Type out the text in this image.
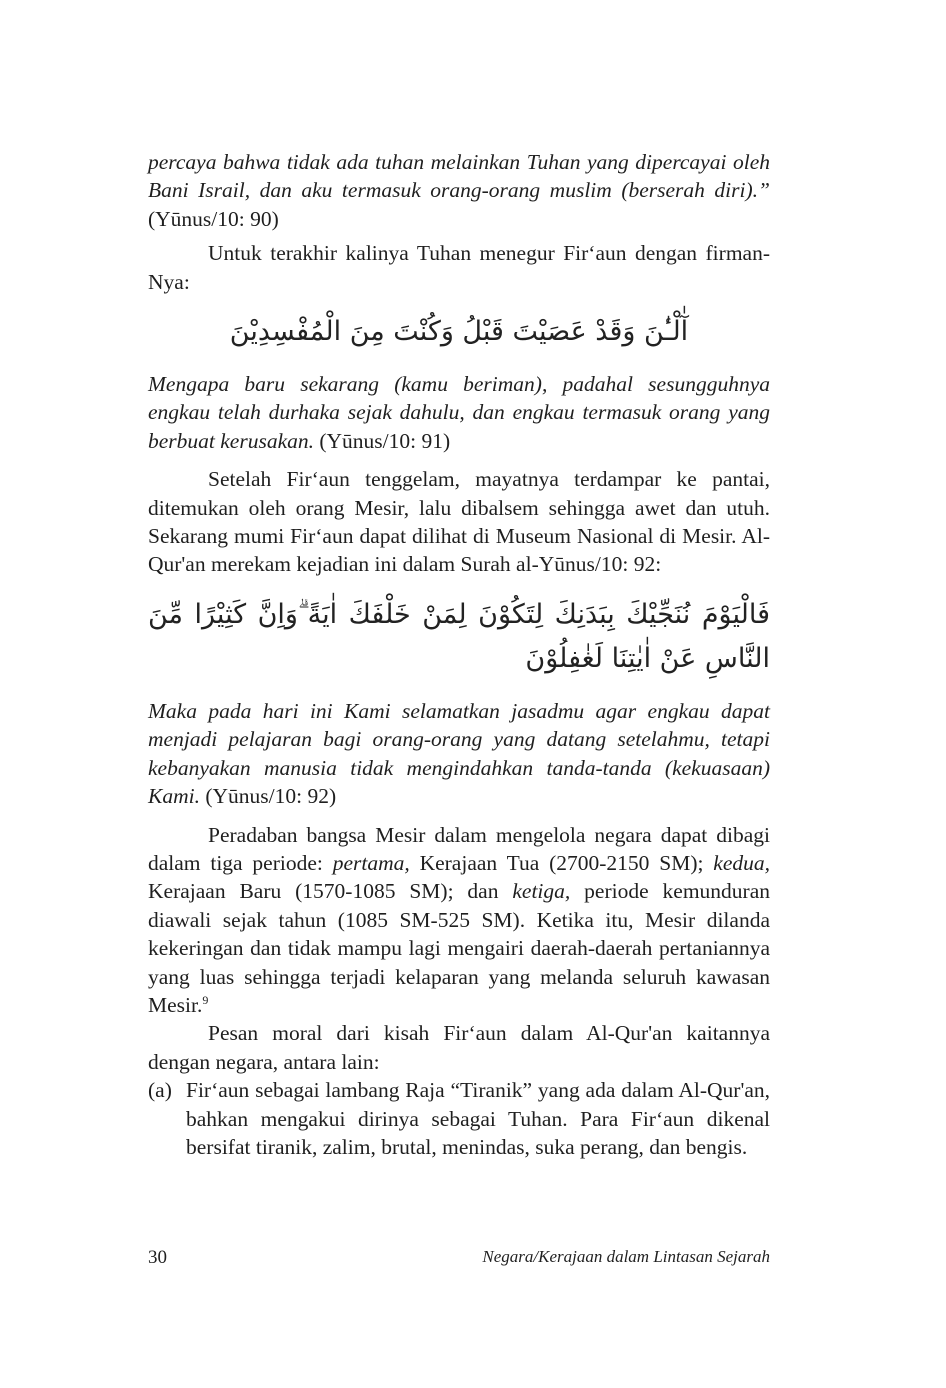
percaya bahwa tidak ada tuhan melainkan Tuhan yang dipercayai oleh Bani Israil, dan aku termasuk orang-orang muslim (berserah diri).” (Yūnus/10: 90)

Untuk terakhir kalinya Tuhan menegur Fir‘aun dengan firman-Nya:

آٰلْـٰٔنَ وَقَدْ عَصَيْتَ قَبْلُ وَكُنْتَ مِنَ الْمُفْسِدِيْنَ

Mengapa baru sekarang (kamu beriman), padahal sesungguhnya engkau telah durhaka sejak dahulu, dan engkau termasuk orang yang berbuat kerusakan. (Yūnus/10: 91)

Setelah Fir‘aun tenggelam, mayatnya terdampar ke pantai, ditemukan oleh orang Mesir, lalu dibalsem sehingga awet dan utuh. Sekarang mumi Fir‘aun dapat dilihat di Museum Nasional di Mesir. Al-Qur'an merekam kejadian ini dalam Surah al-Yūnus/10: 92:

فَالْيَوْمَ نُنَجِّيْكَ بِبَدَنِكَ لِتَكُوْنَ لِمَنْ خَلْفَكَ اٰيَةً ۗوَاِنَّ كَثِيْرًا مِّنَ النَّاسِ عَنْ اٰيٰتِنَا لَغٰفِلُوْنَ

Maka pada hari ini Kami selamatkan jasadmu agar engkau dapat menjadi pelajaran bagi orang-orang yang datang setelahmu, tetapi kebanyakan manusia tidak mengindahkan tanda-tanda (kekuasaan) Kami. (Yūnus/10: 92)

Peradaban bangsa Mesir dalam mengelola negara dapat dibagi dalam tiga periode: pertama, Kerajaan Tua (2700-2150 SM); kedua, Kerajaan Baru (1570-1085 SM); dan ketiga, periode kemunduran diawali sejak tahun (1085 SM-525 SM). Ketika itu, Mesir dilanda kekeringan dan tidak mampu lagi mengairi daerah-daerah pertaniannya yang luas sehingga terjadi kelaparan yang melanda seluruh kawasan Mesir.$^9$

Pesan moral dari kisah Fir‘aun dalam Al-Qur'an kaitannya dengan negara, antara lain:

(a) Fir‘aun sebagai lambang Raja “Tiranik” yang ada dalam Al-Qur'an, bahkan mengakui dirinya sebagai Tuhan. Para Fir‘aun dikenal bersifat tiranik, zalim, brutal, menindas, suka perang, dan bengis.

30	Negara/Kerajaan dalam Lintasan Sejarah
